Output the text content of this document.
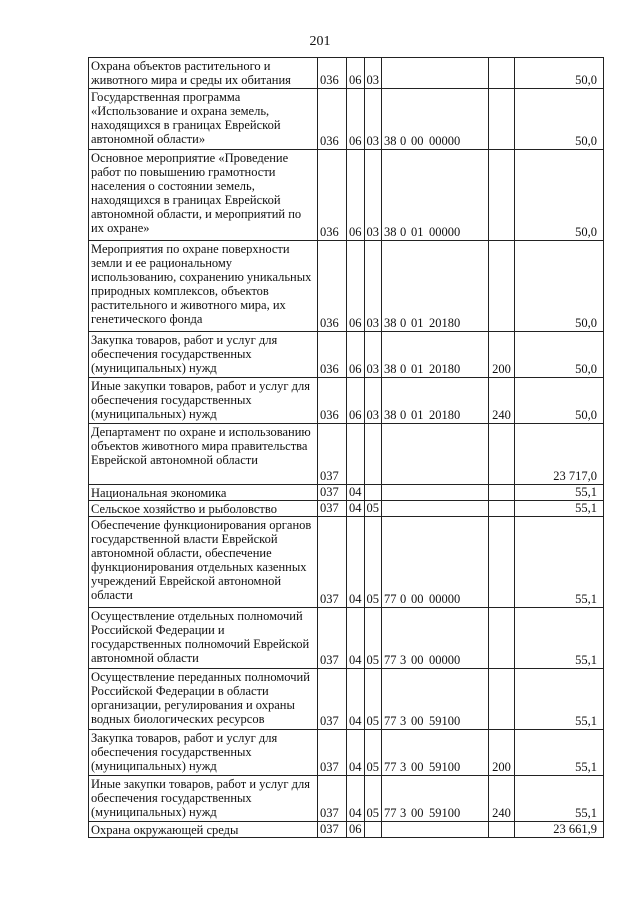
201
Охрана объектов растительного и животного мира и среды их обитания	036	06	03			50,0
Государственная программа «Использование и охрана земель, находящихся в границах Еврейской автономной области»	036	06	03	38 0 00 00000		50,0
Основное мероприятие «Проведение работ по повышению грамотности населения о состоянии земель, находящихся в границах Еврейской автономной области, и мероприятий по их охране»	036	06	03	38 0 01 00000		50,0
Мероприятия по охране поверхности земли и ее рациональному использованию, сохранению уникальных природных комплексов, объектов растительного и животного мира, их генетического фонда	036	06	03	38 0 01 20180		50,0
Закупка товаров, работ и услуг для обеспечения государственных (муниципальных) нужд	036	06	03	38 0 01 20180	200	50,0
Иные закупки товаров, работ и услуг для обеспечения государственных (муниципальных) нужд	036	06	03	38 0 01 20180	240	50,0
Департамент по охране и использованию объектов животного мира правительства Еврейской автономной области	037					23 717,0
Национальная экономика	037	04				55,1
Сельское хозяйство и рыболовство	037	04	05			55,1
Обеспечение функционирования органов государственной власти Еврейской автономной области, обеспечение функционирования отдельных казенных учреждений Еврейской автономной области	037	04	05	77 0 00 00000		55,1
Осуществление отдельных полномочий Российской Федерации и государственных полномочий Еврейской автономной области	037	04	05	77 3 00 00000		55,1
Осуществление переданных полномочий Российской Федерации в области организации, регулирования и охраны водных биологических ресурсов	037	04	05	77 3 00 59100		55,1
Закупка товаров, работ и услуг для обеспечения государственных (муниципальных) нужд	037	04	05	77 3 00 59100	200	55,1
Иные закупки товаров, работ и услуг для обеспечения государственных (муниципальных) нужд	037	04	05	77 3 00 59100	240	55,1
Охрана окружающей среды	037	06				23 661,9
